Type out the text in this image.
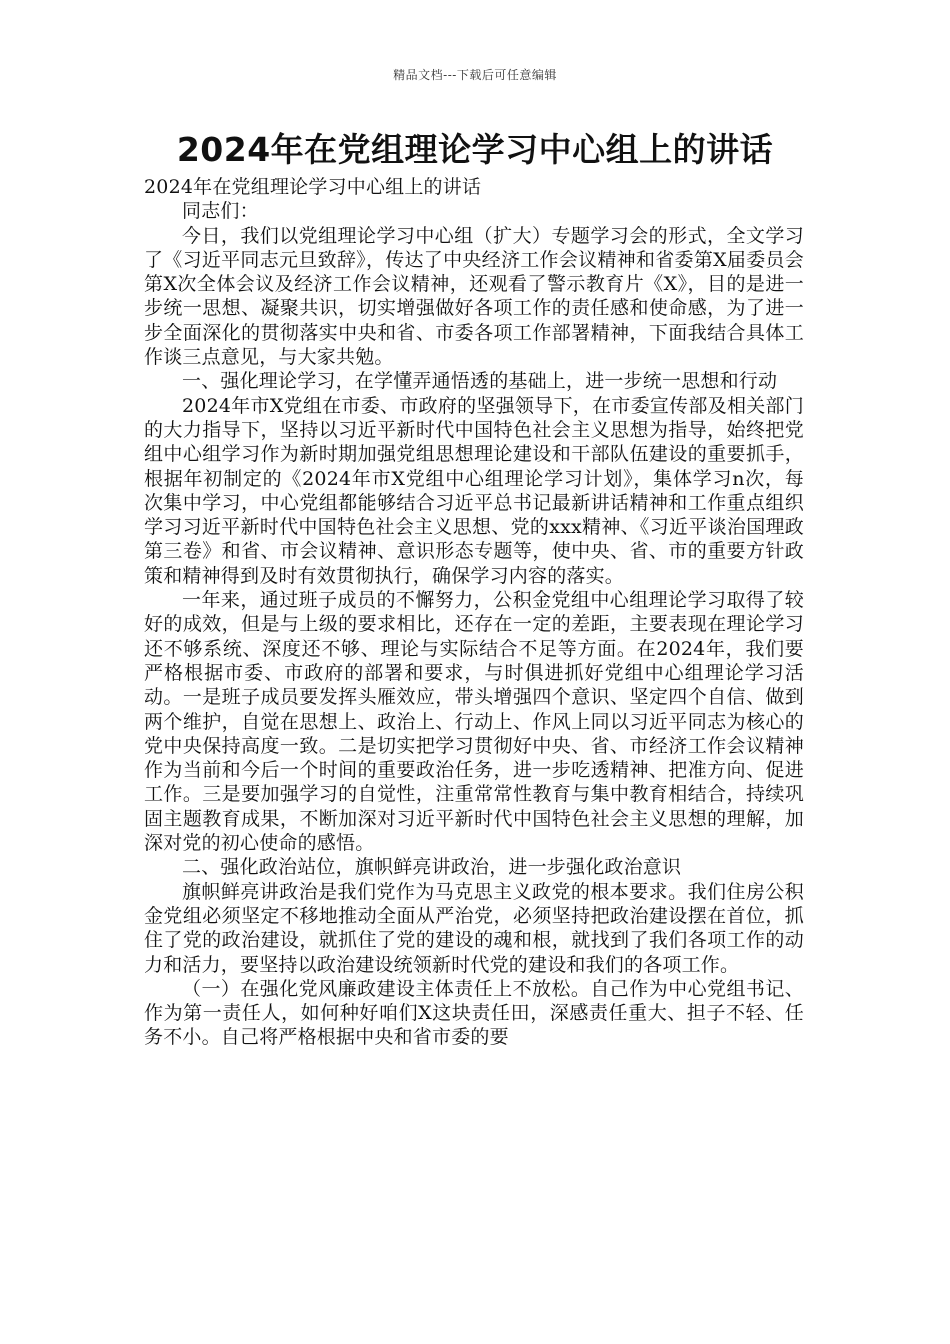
精品文档---下载后可任意编辑
2024年在党组理论学习中心组上的讲话

2024年在党组理论学习中心组上的讲话

同志们：

今日，我们以党组理论学习中心组（扩大）专题学习会的形式，全文学习了《习近平同志元旦致辞》，传达了中央经济工作会议精神和省委第X届委员会第X次全体会议及经济工作会议精神，还观看了警示教育片《X》，目的是进一步统一思想、凝聚共识，切实增强做好各项工作的责任感和使命感，为了进一步全面深化的贯彻落实中央和省、市委各项工作部署精神，下面我结合具体工作谈三点意见，与大家共勉。

一、强化理论学习，在学懂弄通悟透的基础上，进一步统一思想和行动

2024年市X党组在市委、市政府的坚强领导下，在市委宣传部及相关部门的大力指导下，坚持以习近平新时代中国特色社会主义思想为指导，始终把党组中心组学习作为新时期加强党组思想理论建设和干部队伍建设的重要抓手，根据年初制定的《2024年市X党组中心组理论学习计划》，集体学习n次，每次集中学习，中心党组都能够结合习近平总书记最新讲话精神和工作重点组织学习习近平新时代中国特色社会主义思想、党的xxx精神、《习近平谈治国理政第三卷》和省、市会议精神、意识形态专题等，使中央、省、市的重要方针政策和精神得到及时有效贯彻执行，确保学习内容的落实。

一年来，通过班子成员的不懈努力，公积金党组中心组理论学习取得了较好的成效，但是与上级的要求相比，还存在一定的差距，主要表现在理论学习还不够系统、深度还不够、理论与实际结合不足等方面。在2024年，我们要严格根据市委、市政府的部署和要求，与时俱进抓好党组中心组理论学习活动。一是班子成员要发挥头雁效应，带头增强四个意识、坚定四个自信、做到两个维护，自觉在思想上、政治上、行动上、作风上同以习近平同志为核心的党中央保持高度一致。二是切实把学习贯彻好中央、省、市经济工作会议精神作为当前和今后一个时间的重要政治任务，进一步吃透精神、把准方向、促进工作。三是要加强学习的自觉性，注重常常性教育与集中教育相结合，持续巩固主题教育成果，不断加深对习近平新时代中国特色社会主义思想的理解，加深对党的初心使命的感悟。

二、强化政治站位，旗帜鲜亮讲政治，进一步强化政治意识

旗帜鲜亮讲政治是我们党作为马克思主义政党的根本要求。我们住房公积金党组必须坚定不移地推动全面从严治党，必须坚持把政治建设摆在首位，抓住了党的政治建设，就抓住了党的建设的魂和根，就找到了我们各项工作的动力和活力，要坚持以政治建设统领新时代党的建设和我们的各项工作。

（一）在强化党风廉政建设主体责任上不放松。自己作为中心党组书记、作为第一责任人，如何种好咱们X这块责任田，深感责任重大、担子不轻、任务不小。自己将严格根据中央和省市委的要
